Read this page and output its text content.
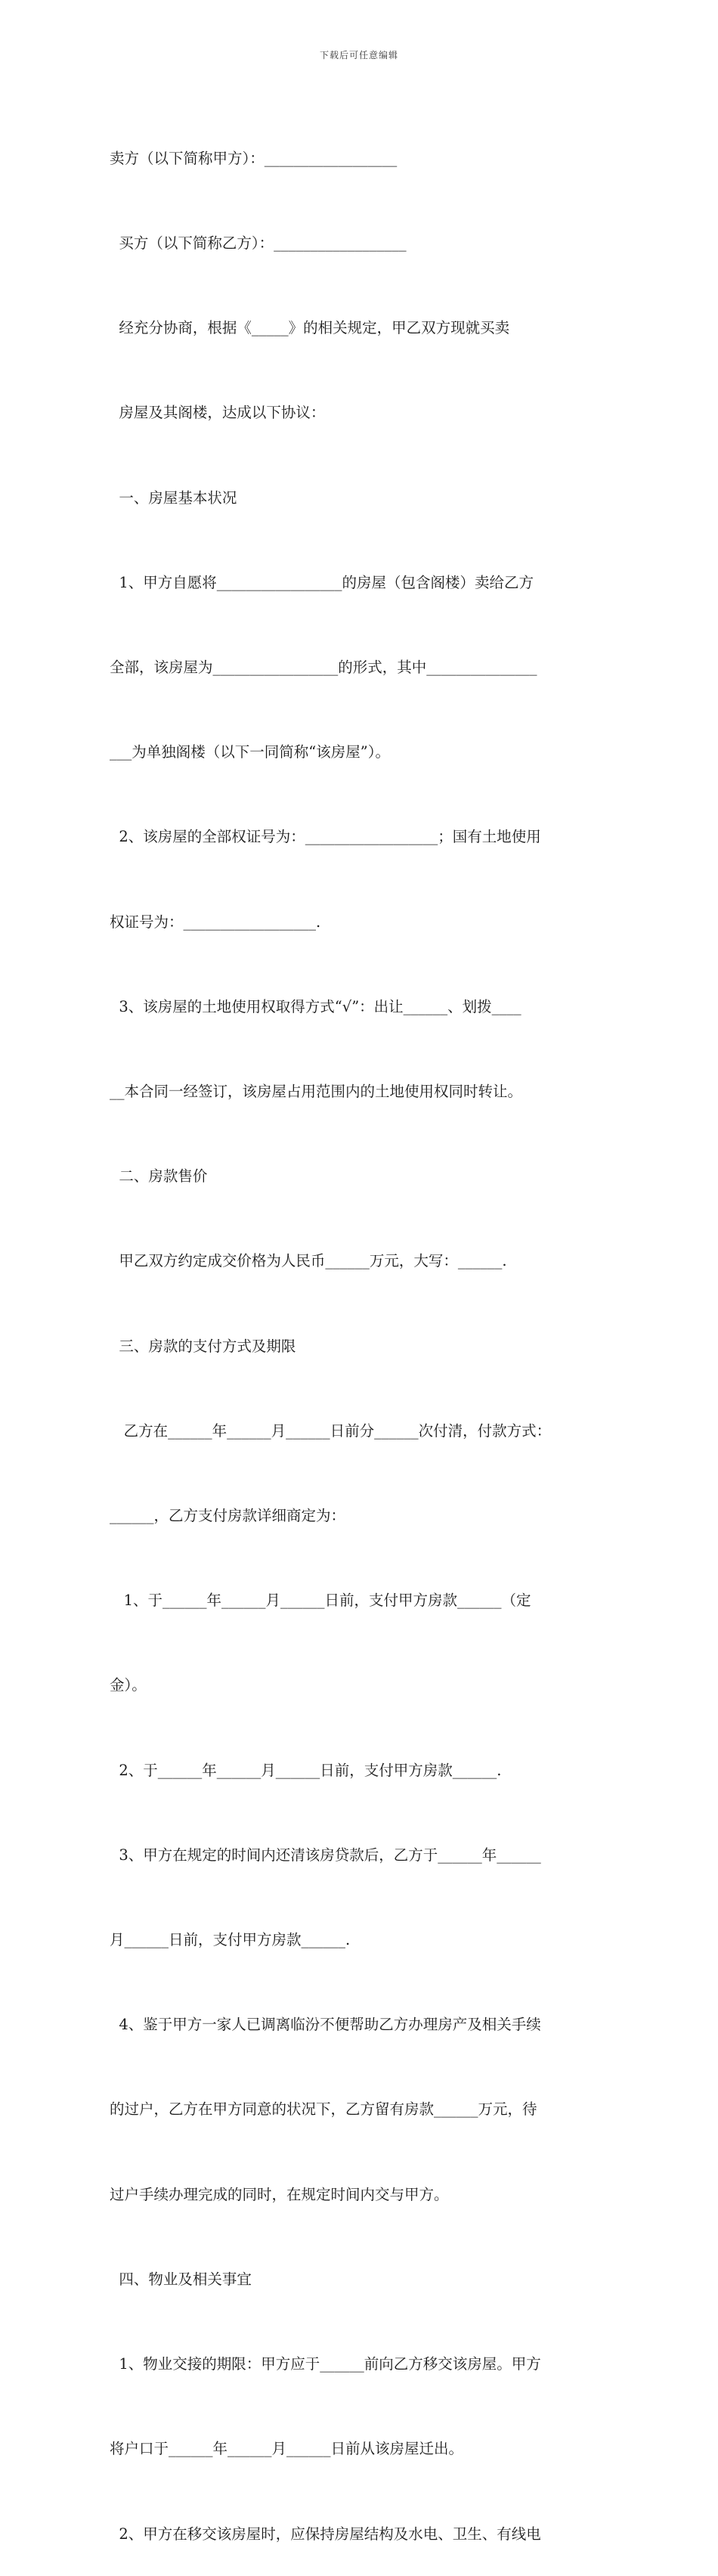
下载后可任意编辑

卖方（以下简称甲方）：__________________

买方（以下简称乙方）：__________________

经充分协商，根据《_____》的相关规定，甲乙双方现就买卖

房屋及其阁楼，达成以下协议：

一、房屋基本状况

1、甲方自愿将_________________的房屋（包含阁楼）卖给乙方

全部，该房屋为_________________的形式，其中_______________

___为单独阁楼（以下一同简称“该房屋”）。

2、该房屋的全部权证号为：__________________；国有土地使用

权证号为：__________________.

3、该房屋的土地使用权取得方式“√”：出让______、划拨____

__本合同一经签订，该房屋占用范围内的土地使用权同时转让。

二、房款售价

甲乙双方约定成交价格为人民币______万元，大写：______.

三、房款的支付方式及期限

乙方在______年______月______日前分______次付清，付款方式：

______，乙方支付房款详细商定为：

1、于______年______月______日前，支付甲方房款______（定

金）。

2、于______年______月______日前，支付甲方房款______.

3、甲方在规定的时间内还清该房贷款后，乙方于______年______

月______日前，支付甲方房款______.

4、鉴于甲方一家人已调离临汾不便帮助乙方办理房产及相关手续

的过户，乙方在甲方同意的状况下，乙方留有房款______万元，待

过户手续办理完成的同时，在规定时间内交与甲方。

四、物业及相关事宜

1、物业交接的期限：甲方应于______前向乙方移交该房屋。甲方

将户口于______年______月______日前从该房屋迁出。

2、甲方在移交该房屋时，应保持房屋结构及水电、卫生、有线电
